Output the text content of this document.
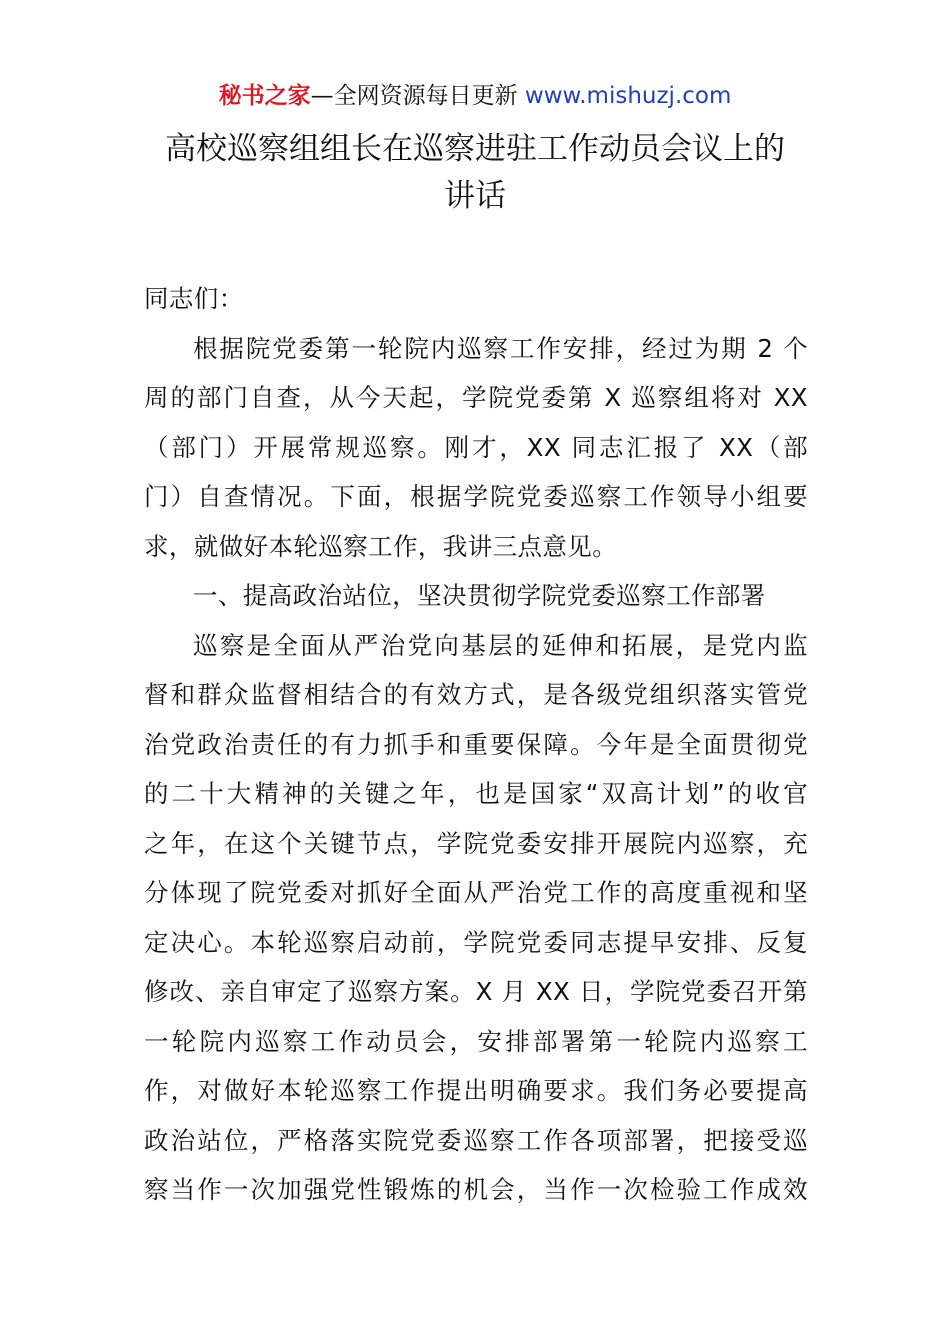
秘书之家—全网资源每日更新 www.mishuzj.com
高校巡察组组长在巡察进驻工作动员会议上的
讲话
同志们：
根据院党委第一轮院内巡察工作安排，经过为期 2 个
周的部门自查，从今天起，学院党委第 X 巡察组将对 XX
（部门）开展常规巡察。刚才，XX 同志汇报了 XX（部
门）自查情况。下面，根据学院党委巡察工作领导小组要
求，就做好本轮巡察工作，我讲三点意见。
一、提高政治站位，坚决贯彻学院党委巡察工作部署
巡察是全面从严治党向基层的延伸和拓展，是党内监
督和群众监督相结合的有效方式，是各级党组织落实管党
治党政治责任的有力抓手和重要保障。今年是全面贯彻党
的二十大精神的关键之年，也是国家“双高计划”的收官
之年，在这个关键节点，学院党委安排开展院内巡察，充
分体现了院党委对抓好全面从严治党工作的高度重视和坚
定决心。本轮巡察启动前，学院党委同志提早安排、反复
修改、亲自审定了巡察方案。X 月 XX 日，学院党委召开第
一轮院内巡察工作动员会，安排部署第一轮院内巡察工
作，对做好本轮巡察工作提出明确要求。我们务必要提高
政治站位，严格落实院党委巡察工作各项部署，把接受巡
察当作一次加强党性锻炼的机会，当作一次检验工作成效
